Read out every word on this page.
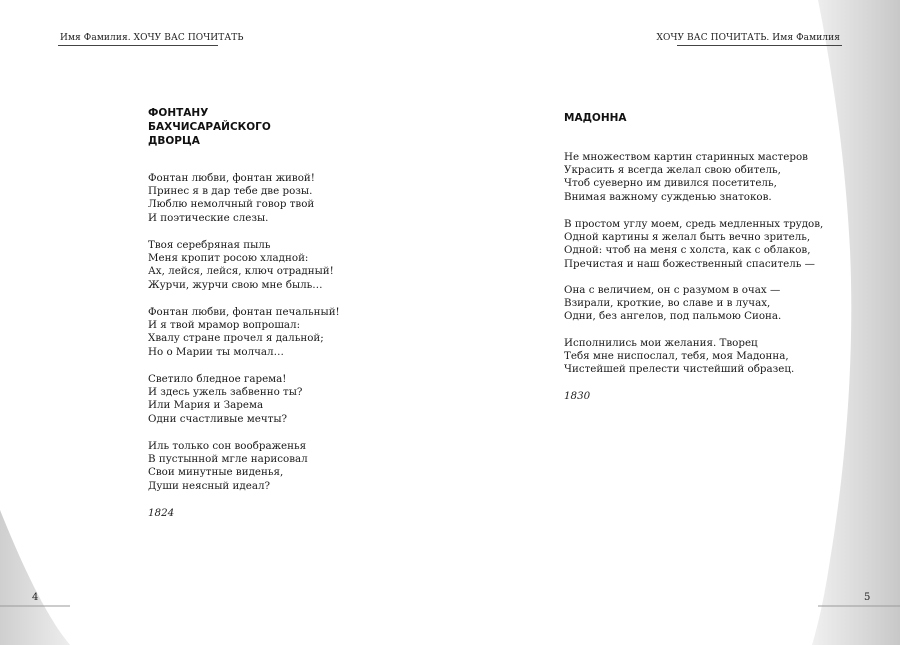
Имя Фамилия. ХОЧУ ВАС ПОЧИТАТЬ	ХОЧУ ВАС ПОЧИТАТЬ. Имя Фамилия
ФОНТАНУ
БАХЧИСАРАЙСКОГО
ДВОРЦА
Фонтан любви, фонтан живой!
Принес я в дар тебе две розы.
Люблю немолчный говор твой
И поэтические слезы.
Твоя серебряная пыль
Меня кропит росою хладной:
Ах, лейся, лейся, ключ отрадный!
Журчи, журчи свою мне быль…
Фонтан любви, фонтан печальный!
И я твой мрамор вопрошал:
Хвалу стране прочел я дальной;
Но о Марии ты молчал…
Светило бледное гарема!
И здесь ужель забвенно ты?
Или Мария и Зарема
Одни счастливые мечты?
Иль только сон воображенья
В пустынной мгле нарисовал
Свои минутные виденья,
Души неясный идеал?
1824
4
МАДОННА
Не множеством картин старинных мастеров
Украсить я всегда желал свою обитель,
Чтоб суеверно им дивился посетитель,
Внимая важному сужденью знатоков.
В простом углу моем, средь медленных трудов,
Одной картины я желал быть вечно зритель,
Одной: чтоб на меня с холста, как с облаков,
Пречистая и наш божественный спаситель —
Она с величием, он с разумом в очах —
Взирали, кроткие, во славе и в лучах,
Одни, без ангелов, под пальмою Сиона.
Исполнились мои желания. Творец
Тебя мне ниспослал, тебя, моя Мадонна,
Чистейшей прелести чистейший образец.
1830
5
